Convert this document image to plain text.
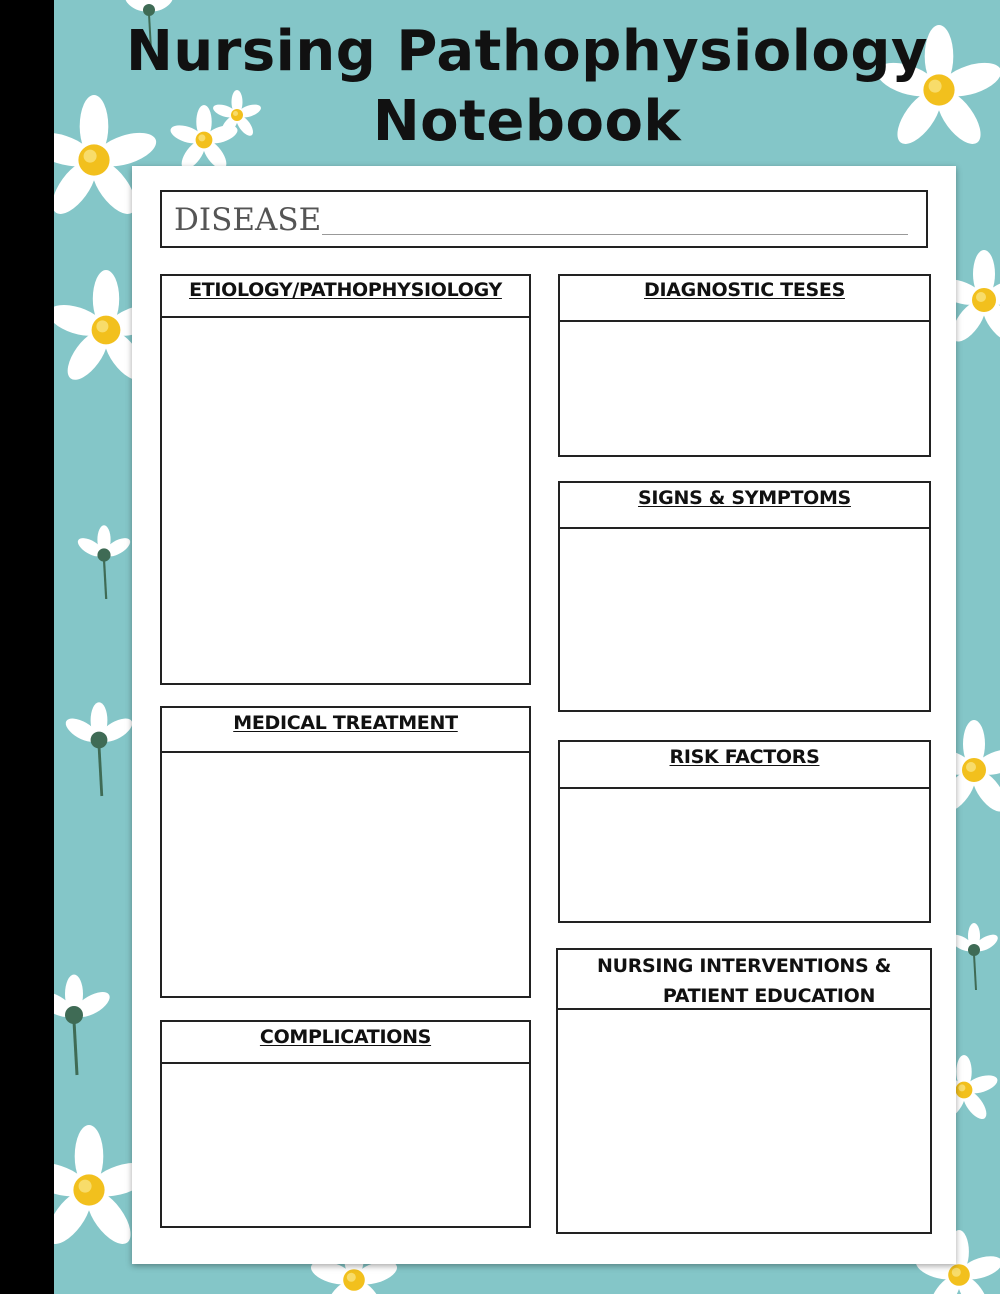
Nursing Pathophysiology
Notebook
DISEASE
ETIOLOGY/PATHOPHYSIOLOGY
MEDICAL TREATMENT
COMPLICATIONS
DIAGNOSTIC TESES
SIGNS & SYMPTOMS
RISK FACTORS
NURSING INTERVENTIONS &
PATIENT EDUCATION
